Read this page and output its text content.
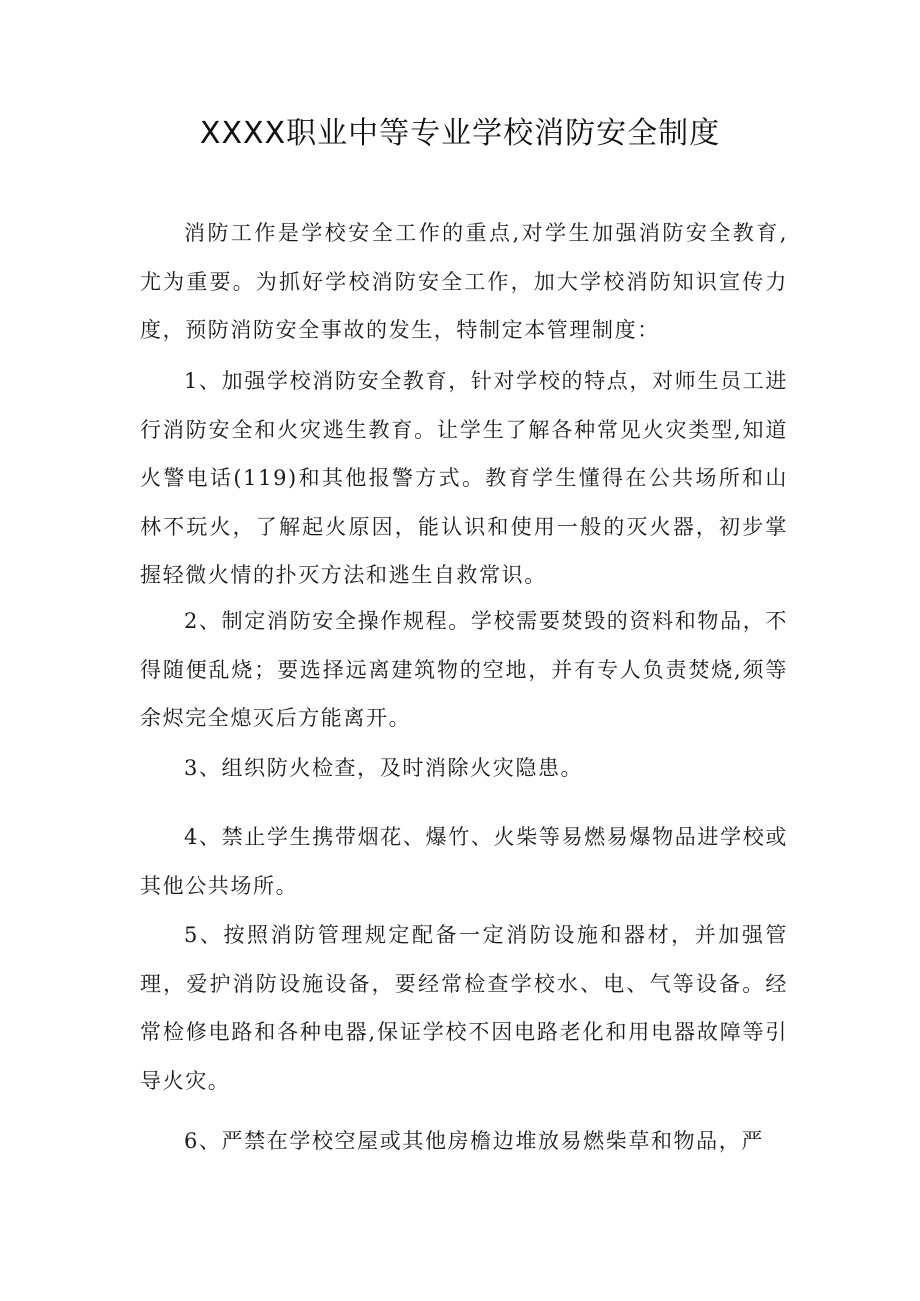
XXXX职业中等专业学校消防安全制度

消防工作是学校安全工作的重点,对学生加强消防安全教育,尤为重要。为抓好学校消防安全工作，加大学校消防知识宣传力度，预防消防安全事故的发生，特制定本管理制度：

1、加强学校消防安全教育，针对学校的特点，对师生员工进行消防安全和火灾逃生教育。让学生了解各种常见火灾类型,知道火警电话(119)和其他报警方式。教育学生懂得在公共场所和山林不玩火，了解起火原因，能认识和使用一般的灭火器，初步掌握轻微火情的扑灭方法和逃生自救常识。

2、制定消防安全操作规程。学校需要焚毁的资料和物品，不得随便乱烧；要选择远离建筑物的空地，并有专人负责焚烧,须等余烬完全熄灭后方能离开。

3、组织防火检查，及时消除火灾隐患。

4、禁止学生携带烟花、爆竹、火柴等易燃易爆物品进学校或其他公共场所。

5、按照消防管理规定配备一定消防设施和器材，并加强管理，爱护消防设施设备，要经常检查学校水、电、气等设备。经常检修电路和各种电器,保证学校不因电路老化和用电器故障等引导火灾。

6、严禁在学校空屋或其他房檐边堆放易燃柴草和物品，严
